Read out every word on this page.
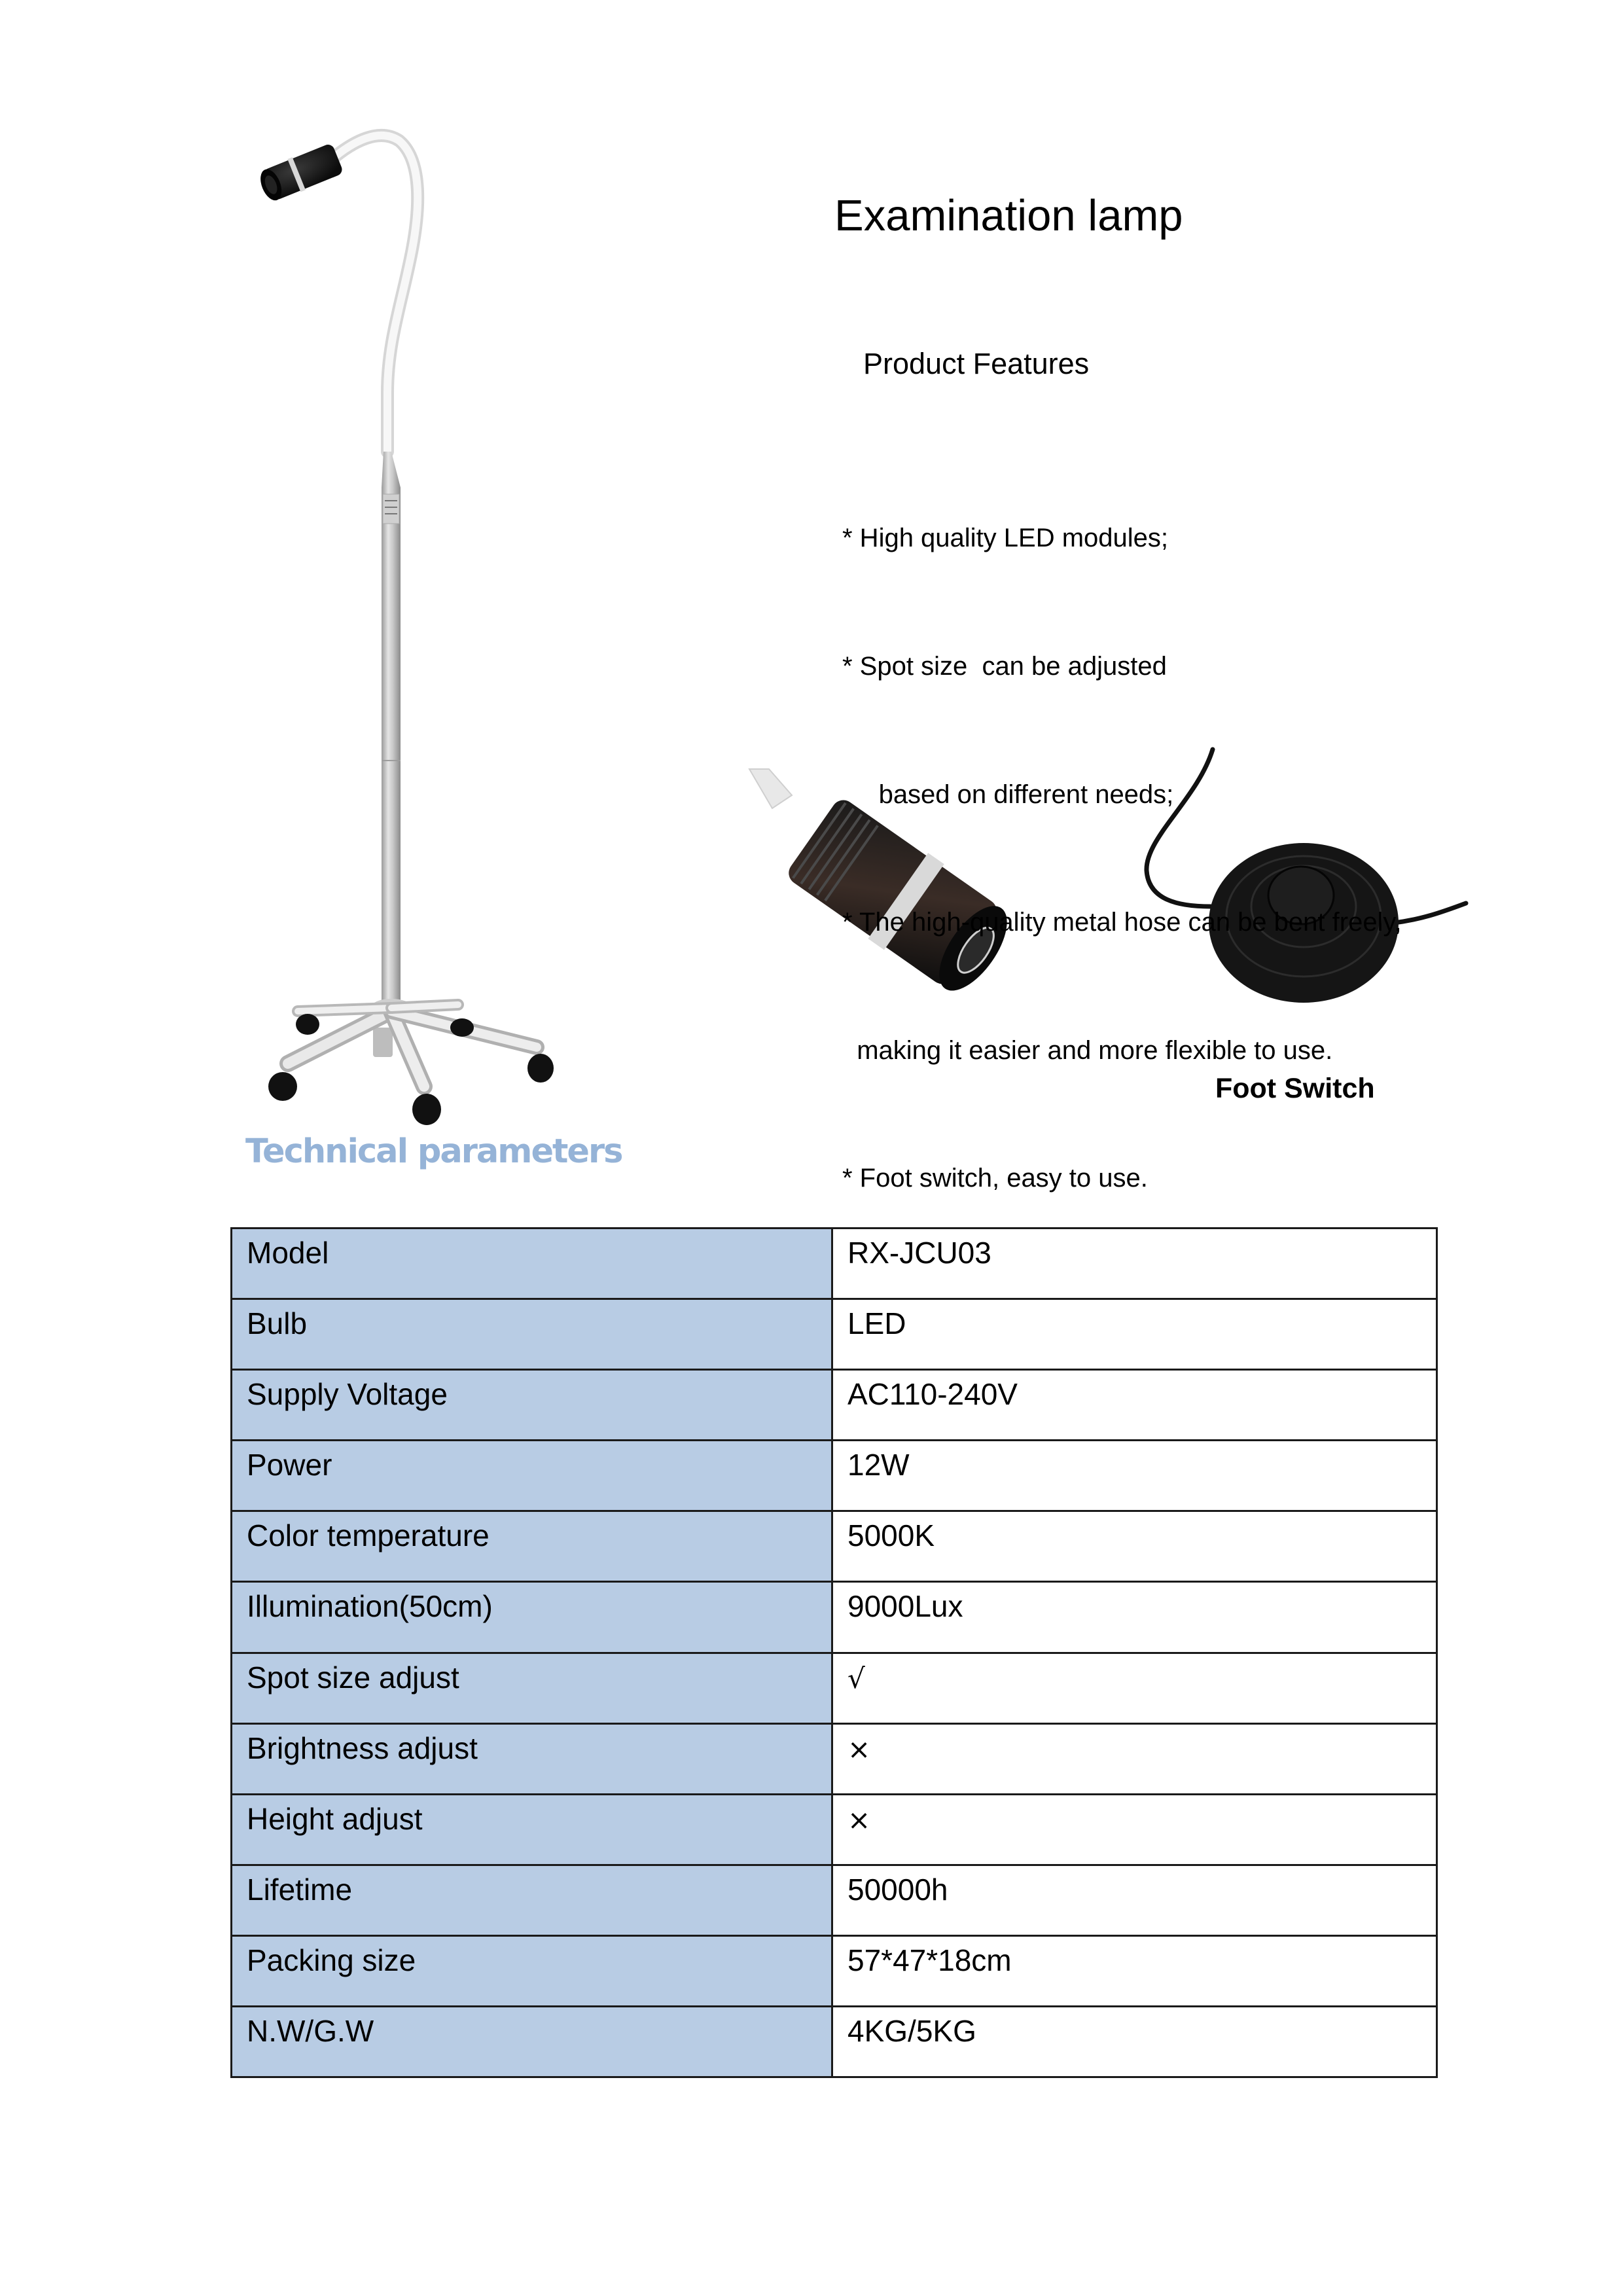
Examination lamp
Product Features

* High quality LED modules;

* Spot size  can be adjusted

based on different needs;

* The high-quality metal hose can be bent freely,

making it easier and more flexible to use.

* Foot switch, easy to use.

Foot Switch
Technical parameters
Model	RX-JCU03
Bulb	LED
Supply Voltage	AC110-240V
Power	12W
Color temperature	5000K
Illumination(50cm)	9000Lux
Spot size adjust	√
Brightness adjust	×
Height adjust	×
Lifetime	50000h
Packing size	57*47*18cm
N.W/G.W	4KG/5KG
